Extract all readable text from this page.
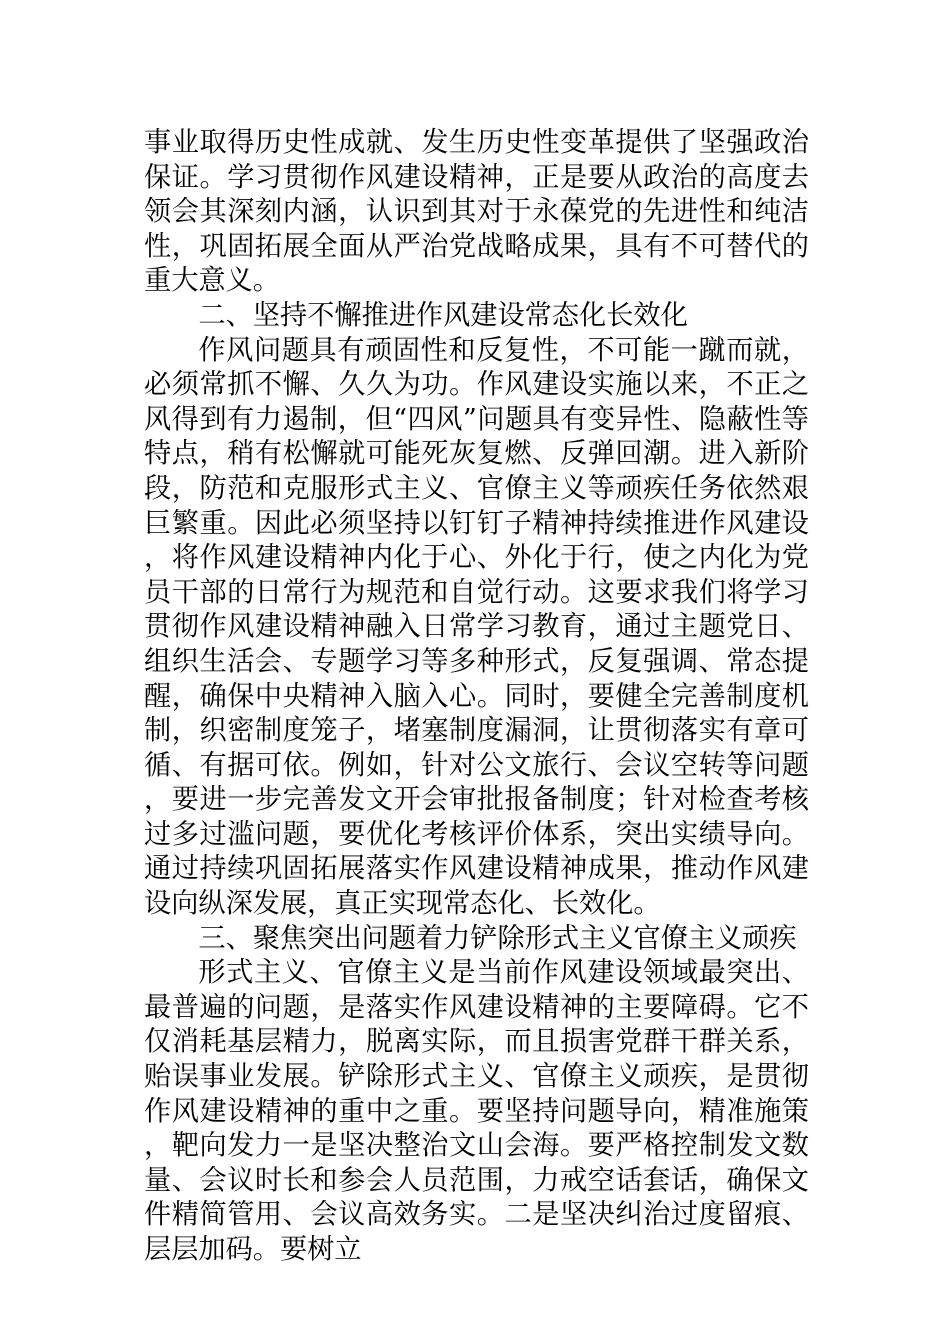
事业取得历史性成就、发生历史性变革提供了坚强政治保证。学习贯彻作风建设精神，正是要从政治的高度去领会其深刻内涵，认识到其对于永葆党的先进性和纯洁性，巩固拓展全面从严治党战略成果，具有不可替代的重大意义。

二、坚持不懈推进作风建设常态化长效化

作风问题具有顽固性和反复性，不可能一蹴而就，必须常抓不懈、久久为功。作风建设实施以来，不正之风得到有力遏制，但“四风”问题具有变异性、隐蔽性等特点，稍有松懈就可能死灰复燃、反弹回潮。进入新阶段，防范和克服形式主义、官僚主义等顽疾任务依然艰巨繁重。因此必须坚持以钉钉子精神持续推进作风建设，将作风建设精神内化于心、外化于行，使之内化为党员干部的日常行为规范和自觉行动。这要求我们将学习贯彻作风建设精神融入日常学习教育，通过主题党日、组织生活会、专题学习等多种形式，反复强调、常态提醒，确保中央精神入脑入心。同时，要健全完善制度机制，织密制度笼子，堵塞制度漏洞，让贯彻落实有章可循、有据可依。例如，针对公文旅行、会议空转等问题，要进一步完善发文开会审批报备制度；针对检查考核过多过滥问题，要优化考核评价体系，突出实绩导向。通过持续巩固拓展落实作风建设精神成果，推动作风建设向纵深发展，真正实现常态化、长效化。

三、聚焦突出问题着力铲除形式主义官僚主义顽疾

形式主义、官僚主义是当前作风建设领域最突出、最普遍的问题，是落实作风建设精神的主要障碍。它不仅消耗基层精力，脱离实际，而且损害党群干群关系，贻误事业发展。铲除形式主义、官僚主义顽疾，是贯彻作风建设精神的重中之重。要坚持问题导向，精准施策，靶向发力一是坚决整治文山会海。要严格控制发文数量、会议时长和参会人员范围，力戒空话套话，确保文件精简管用、会议高效务实。二是坚决纠治过度留痕、层层加码。要树立
